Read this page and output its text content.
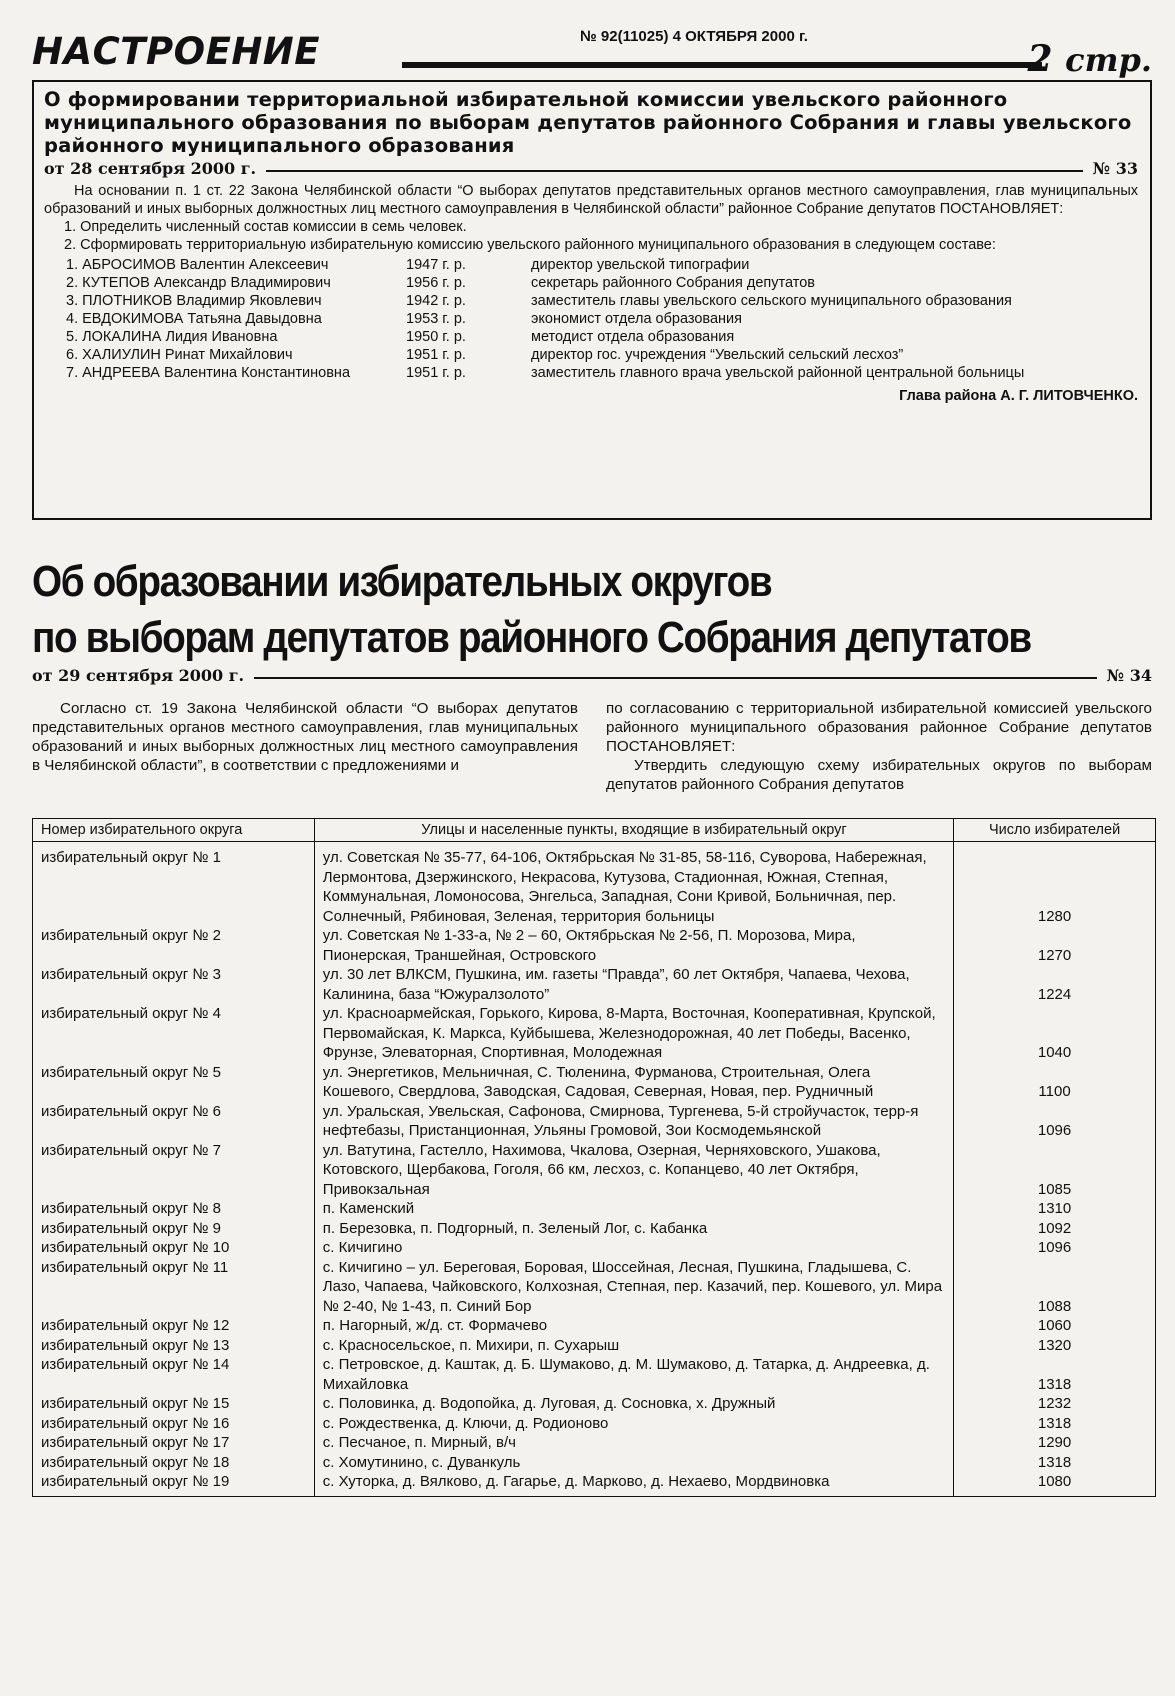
НАСТРОЕНИЕ	№ 92(11025) 4 ОКТЯБРЯ 2000 г.
2 стр.
О формировании территориальной избирательной комиссии увельского районного муниципального образования по выборам депутатов районного Собрания и главы увельского районного муниципального образования
от 28 сентября 2000 г.	№ 33

На основании п. 1 ст. 22 Закона Челябинской области “О выборах депутатов представительных органов местного самоуправления, глав муниципальных образований и иных выборных должностных лиц местного самоуправления в Челябинской области” районное Собрание депутатов ПОСТАНОВЛЯЕТ:

1. Определить численный состав комиссии в семь человек.

2. Сформировать территориальную избирательную комиссию увельского районного муниципального образования в следующем составе:

1. АБРОСИМОВ Валентин Алексеевич	1947 г. р.	директор увельской типографии
2. КУТЕПОВ Александр Владимирович	1956 г. р.	секретарь районного Собрания депутатов
3. ПЛОТНИКОВ Владимир Яковлевич	1942 г. р.	заместитель главы увельского сельского муниципального образования
4. ЕВДОКИМОВА Татьяна Давыдовна	1953 г. р.	экономист отдела образования
5. ЛОКАЛИНА Лидия Ивановна	1950 г. р.	методист отдела образования
6. ХАЛИУЛИН Ринат Михайлович	1951 г. р.	директор гос. учреждения “Увельский сельский лесхоз”
7. АНДРЕЕВА Валентина Константиновна	1951 г. р.	заместитель главного врача увельской районной центральной больницы
Глава района А. Г. ЛИТОВЧЕНКО.
Об образовании избирательных округов
по выборам депутатов районного Собрания депутатов
от 29 сентября 2000 г.	№ 34

Согласно ст. 19 Закона Челябинской области “О выборах депутатов представительных органов местного самоуправления, глав муниципальных образований и иных выборных должностных лиц местного самоуправления в Челябинской области”, в соответствии с предложениями и

по согласованию с территориальной избирательной комиссией увельского районного муниципального образования районное Собрание депутатов ПОСТАНОВЛЯЕТ:

Утвердить следующую схему избирательных округов по выборам депутатов районного Собрания депутатов

Номер избирательного округа	Улицы и населенные пункты, входящие в избирательный округ	Число избирателей
избирательный округ № 1	ул. Советская № 35-77, 64-106, Октябрьская № 31-85, 58-116, Суворова, Набережная, Лермонтова, Дзержинского, Некрасова, Кутузова, Стадионная, Южная, Степная, Коммунальная, Ломоносова, Энгельса, Западная, Сони Кривой, Больничная, пер. Солнечный, Рябиновая, Зеленая, территория больницы	1280
избирательный округ № 2	ул. Советская № 1-33-а, № 2 – 60, Октябрьская № 2-56, П. Морозова, Мира, Пионерская, Траншейная, Островского	1270
избирательный округ № 3	ул. 30 лет ВЛКСМ, Пушкина, им. газеты “Правда”, 60 лет Октября, Чапаева, Чехова, Калинина, база “Южуралзолото”	1224
избирательный округ № 4	ул. Красноармейская, Горького, Кирова, 8-Марта, Восточная, Кооперативная, Крупской, Первомайская, К. Маркса, Куйбышева, Железнодорожная, 40 лет Победы, Васенко, Фрунзе, Элеваторная, Спортивная, Молодежная	1040
избирательный округ № 5	ул. Энергетиков, Мельничная, С. Тюленина, Фурманова, Строительная, Олега Кошевого, Свердлова, Заводская, Садовая, Северная, Новая, пер. Рудничный	1100
избирательный округ № 6	ул. Уральская, Увельская, Сафонова, Смирнова, Тургенева, 5-й стройучасток, терр-я нефтебазы, Пристанционная, Ульяны Громовой, Зои Космодемьянской	1096
избирательный округ № 7	ул. Ватутина, Гастелло, Нахимова, Чкалова, Озерная, Черняховского, Ушакова, Котовского, Щербакова, Гоголя, 66 км, лесхоз, с. Копанцево, 40 лет Октября, Привокзальная	1085
избирательный округ № 8	п. Каменский	1310
избирательный округ № 9	п. Березовка, п. Подгорный, п. Зеленый Лог, с. Кабанка	1092
избирательный округ № 10	с. Кичигино	1096
избирательный округ № 11	с. Кичигино – ул. Береговая, Боровая, Шоссейная, Лесная, Пушкина, Гладышева, С. Лазо, Чапаева, Чайковского, Колхозная, Степная, пер. Казачий, пер. Кошевого, ул. Мира № 2-40, № 1-43, п. Синий Бор	1088
избирательный округ № 12	п. Нагорный, ж/д. ст. Формачево	1060
избирательный округ № 13	с. Красносельское, п. Михири, п. Сухарыш	1320
избирательный округ № 14	с. Петровское, д. Каштак, д. Б. Шумаково, д. М. Шумаково, д. Татарка, д. Андреевка, д. Михайловка	1318
избирательный округ № 15	с. Половинка, д. Водопойка, д. Луговая, д. Сосновка, х. Дружный	1232
избирательный округ № 16	с. Рождественка, д. Ключи, д. Родионово	1318
избирательный округ № 17	с. Песчаное, п. Мирный, в/ч	1290
избирательный округ № 18	с. Хомутинино, с. Дуванкуль	1318
избирательный округ № 19	с. Хуторка, д. Вялково, д. Гагарье, д. Марково, д. Нехаево, Мордвиновка	1080
